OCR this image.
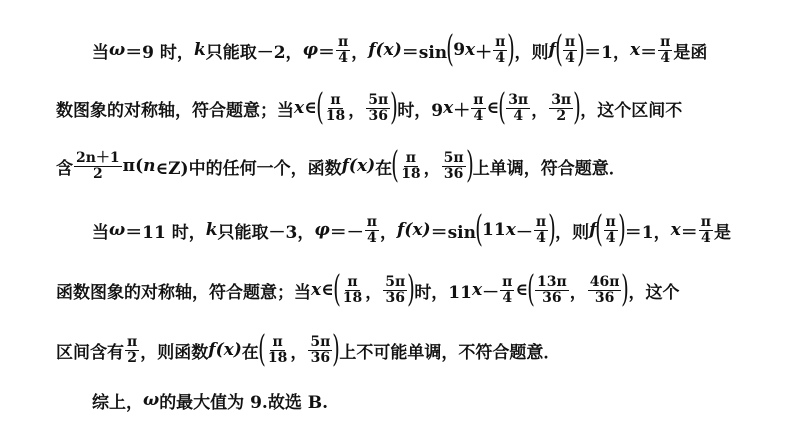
当 ω ＝9 时， k 只能取－2， $\varphi = \frac{\pi}{4}$ ， f(x) ＝sin ( 9 $x + \frac{\pi}{4}$ ) ，则 f ( $\frac{\pi}{4}$ ) ＝1， $x = \frac{\pi}{4}$ 是函
数图象的对称轴，符合题意；当 x ∈ ( $\frac{\pi}{18}$ ， $\frac{5\pi}{36}$ ) 时，9 $x + \frac{\pi}{4}$ ∈ ( $\frac{3\pi}{4}$ ， $\frac{3\pi}{2}$ ) ，这个区间不
含 $\frac{2n+1}{2} \pi$( n ∈Z)中的任何一个，函数 f(x) 在 ( $\frac{\pi}{18}$ ， $\frac{5\pi}{36}$ ) 上单调，符合题意．
当 ω ＝11 时， k 只能取－3， $\varphi =- \frac{\pi}{4}$ ， f(x) ＝sin ( 11 $x - \frac{\pi}{4}$ ) ，则 f ( $\frac{\pi}{4}$ ) ＝1， $x = \frac{\pi}{4}$ 是
函数图象的对称轴，符合题意；当 x ∈ ( $\frac{\pi}{18}$ ， $\frac{5\pi}{36}$ ) 时，11 $x - \frac{\pi}{4}$ ∈ ( $\frac{13\pi}{36}$ ， $\frac{46\pi}{36}$ ) ，这个
区间含有 $\frac{\pi}{2}$ ，则函数 f(x) 在 ( $\frac{\pi}{18}$ ， $\frac{5\pi}{36}$ ) 上不可能单调，不符合题意．
综上， ω 的最大值为 9.故选 B.
